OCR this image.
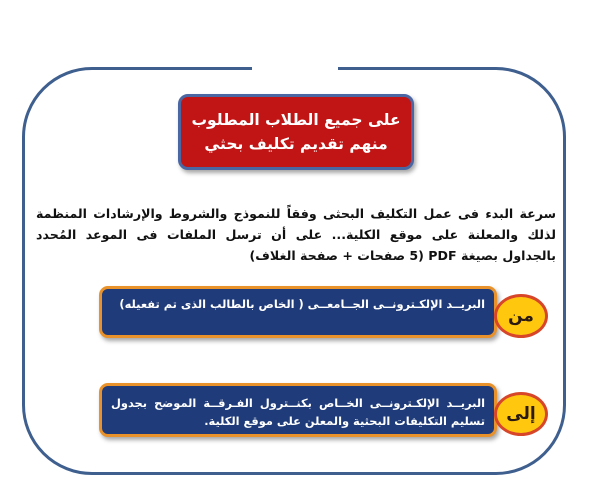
على جميع الطلاب المطلوب
منهم تقديم تكليف بحثي
سرعة البدء فى عمل التكليف البحثى وفقاً للنموذج والشروط والإرشادات المنظمة لذلك والمعلنة على موقع الكلية... على أن ترسل الملفات فى الموعد المُحدد بالجداول بصيغة PDF (5 صفحات + صفحة الغلاف)
البريــد الإلكـترونــى الجــامعــى ( الخاص بالطالب الذى تم تفعيله)
من
البريــد الإلكـترونــى الخــاص بكنــترول الفـرقــة الموضح بجدول تسليم التكليفات البحثية والمعلن على موقع الكلية.	إلى
